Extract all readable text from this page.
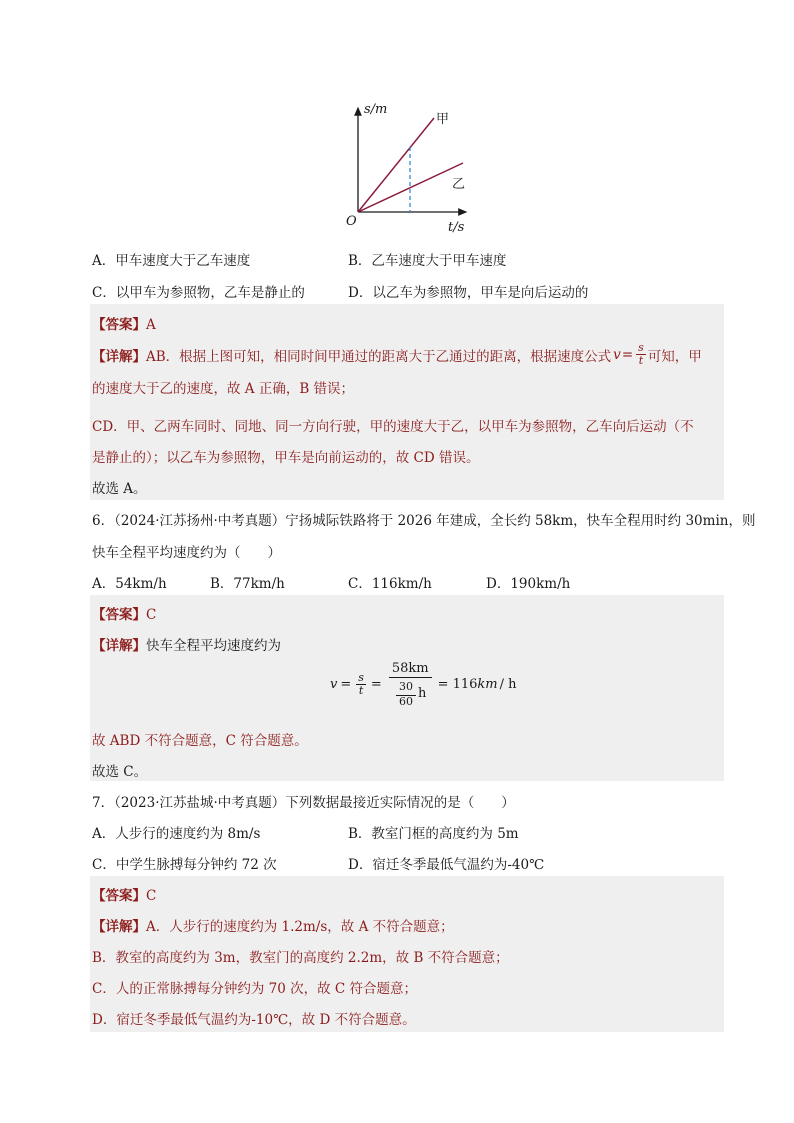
s/m
t/s
O
甲
乙
A．甲车速度大于乙车速度	B．乙车速度大于甲车速度
C．以甲车为参照物，乙车是静止的	D．以乙车为参照物，甲车是向后运动的
【答案】A
【详解】 AB．根据上图可知，相同时间甲通过的距离大于乙通过的距离，根据速度公式 $v = \frac{s}{t}$ 可知，甲
的速度大于乙的速度，故 A 正确，B 错误；
CD．甲、乙两车同时、同地、同一方向行驶，甲的速度大于乙，以甲车为参照物，乙车向后运动（不
是静止的）；以乙车为参照物，甲车是向前运动的，故 CD 错误。
故选 A。
6．（2024·江苏扬州·中考真题）宁扬城际铁路将于 2026 年建成，全长约 58km，快车全程用时约 30min，则
快车全程平均速度约为（　　）
A．54km/h	B．77km/h	C．116km/h	D．190km/h
【答案】C
【详解】快车全程平均速度约为
$v = \frac{s}{t} = \frac{58km}{\frac{30}{60} h} = 116$ km / h
故 ABD 不符合题意，C 符合题意。
故选 C。
7．（2023·江苏盐城·中考真题）下列数据最接近实际情况的是（　　）
A．人步行的速度约为 8m/s	B．教室门框的高度约为 5m
C．中学生脉搏每分钟约 72 次	D．宿迁冬季最低气温约为-40℃
【答案】C
【详解】A．人步行的速度约为 1.2m/s，故 A 不符合题意；
B．教室的高度约为 3m，教室门的高度约 2.2m，故 B 不符合题意；
C．人的正常脉搏每分钟约为 70 次，故 C 符合题意；
D．宿迁冬季最低气温约为-10℃，故 D 不符合题意。
